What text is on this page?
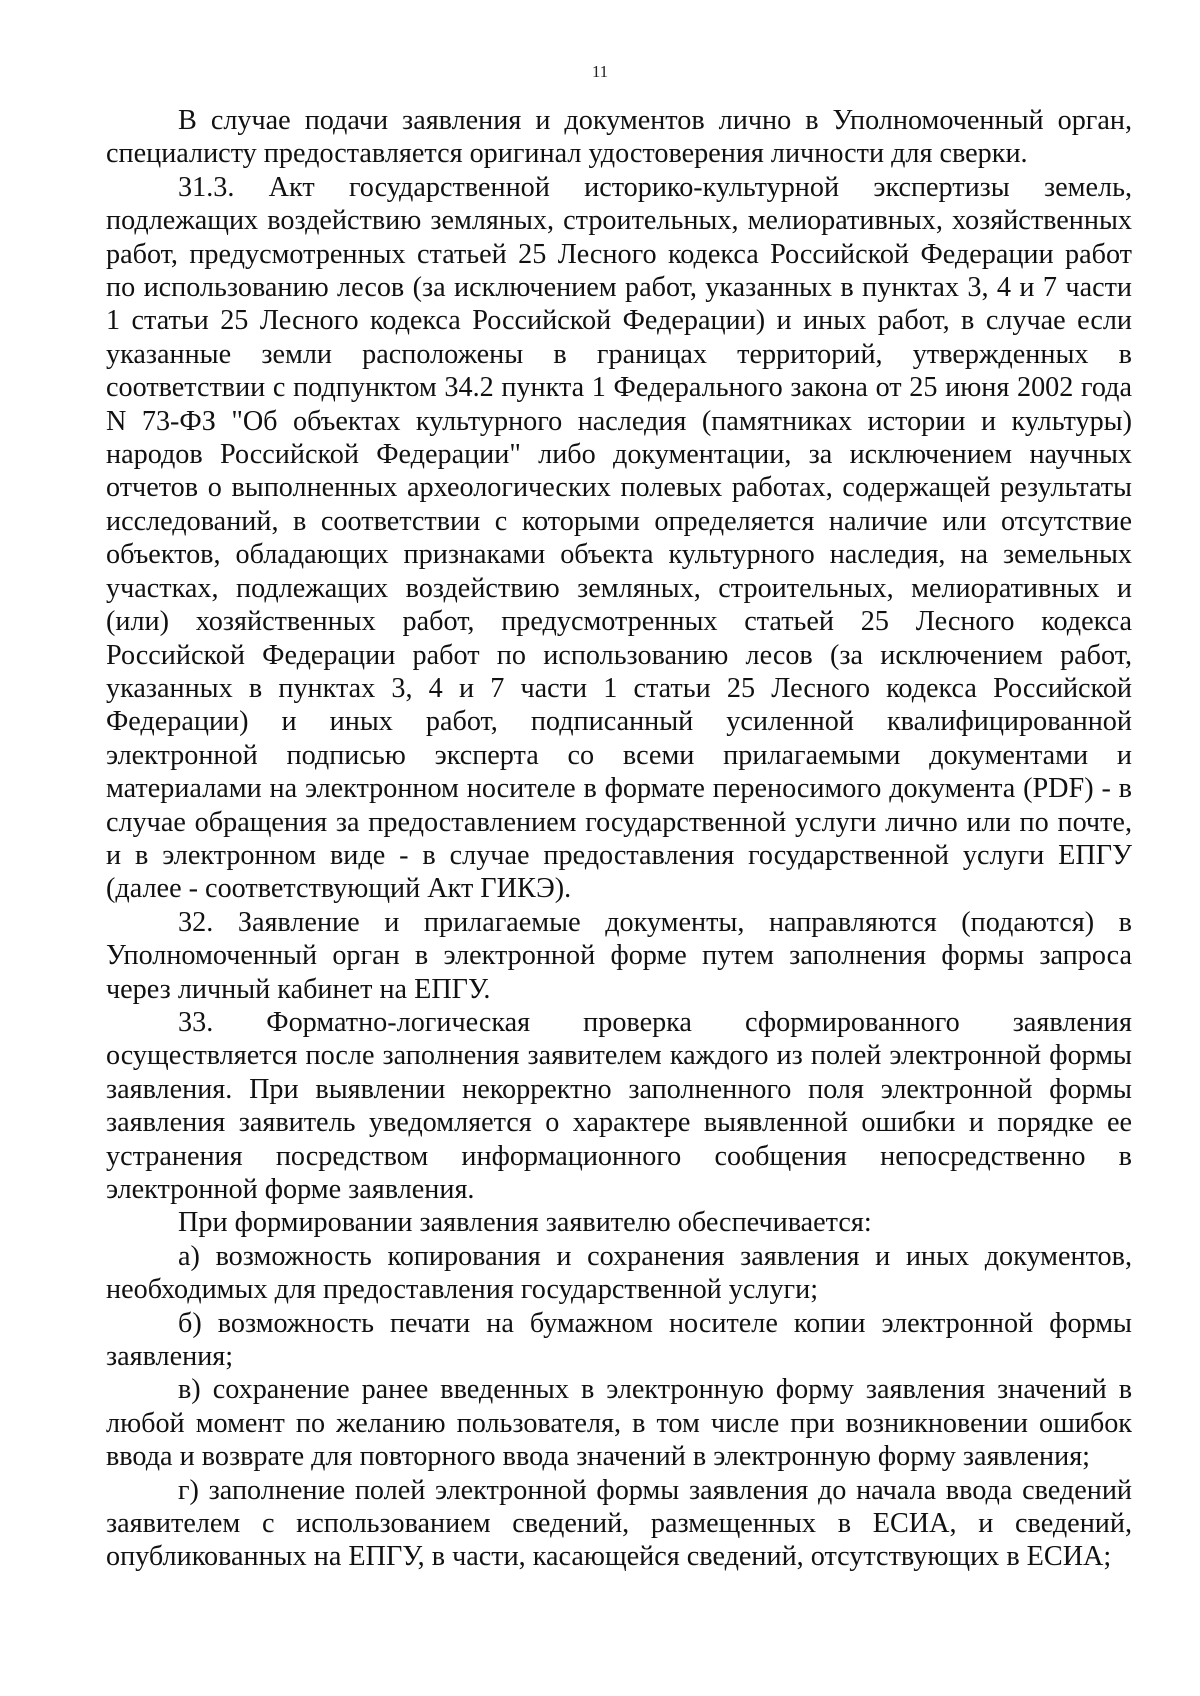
11

В случае подачи заявления и документов лично в Уполномоченный орган, специалисту предоставляется оригинал удостоверения личности для сверки.

31.3. Акт государственной историко-культурной экспертизы земель, подлежащих воздействию земляных, строительных, мелиоративных, хозяйственных работ, предусмотренных статьей 25 Лесного кодекса Российской Федерации работ по использованию лесов (за исключением работ, указанных в пунктах 3, 4 и 7 части 1 статьи 25 Лесного кодекса Российской Федерации) и иных работ, в случае если указанные земли расположены в границах территорий, утвержденных в соответствии с подпунктом 34.2 пункта 1 Федерального закона от 25 июня 2002 года N 73-ФЗ "Об объектах культурного наследия (памятниках истории и культуры) народов Российской Федерации" либо документации, за исключением научных отчетов о выполненных археологических полевых работах, содержащей результаты исследований, в соответствии с которыми определяется наличие или отсутствие объектов, обладающих признаками объекта культурного наследия, на земельных участках, подлежащих воздействию земляных, строительных, мелиоративных и (или) хозяйственных работ, предусмотренных статьей 25 Лесного кодекса Российской Федерации работ по использованию лесов (за исключением работ, указанных в пунктах 3, 4 и 7 части 1 статьи 25 Лесного кодекса Российской Федерации) и иных работ, подписанный усиленной квалифицированной электронной подписью эксперта со всеми прилагаемыми документами и материалами на электронном носителе в формате переносимого документа (PDF) - в случае обращения за предоставлением государственной услуги лично или по почте, и в электронном виде - в случае предоставления государственной услуги ЕПГУ (далее - соответствующий Акт ГИКЭ).

32. Заявление и прилагаемые документы, направляются (подаются) в Уполномоченный орган в электронной форме путем заполнения формы запроса через личный кабинет на ЕПГУ.

33. Форматно-логическая проверка сформированного заявления осуществляется после заполнения заявителем каждого из полей электронной формы заявления. При выявлении некорректно заполненного поля электронной формы заявления заявитель уведомляется о характере выявленной ошибки и порядке ее устранения посредством информационного сообщения непосредственно в электронной форме заявления.

При формировании заявления заявителю обеспечивается:

а) возможность копирования и сохранения заявления и иных документов, необходимых для предоставления государственной услуги;

б) возможность печати на бумажном носителе копии электронной формы заявления;

в) сохранение ранее введенных в электронную форму заявления значений в любой момент по желанию пользователя, в том числе при возникновении ошибок ввода и возврате для повторного ввода значений в электронную форму заявления;

г) заполнение полей электронной формы заявления до начала ввода сведений заявителем с использованием сведений, размещенных в ЕСИА, и сведений, опубликованных на ЕПГУ, в части, касающейся сведений, отсутствующих в ЕСИА;
